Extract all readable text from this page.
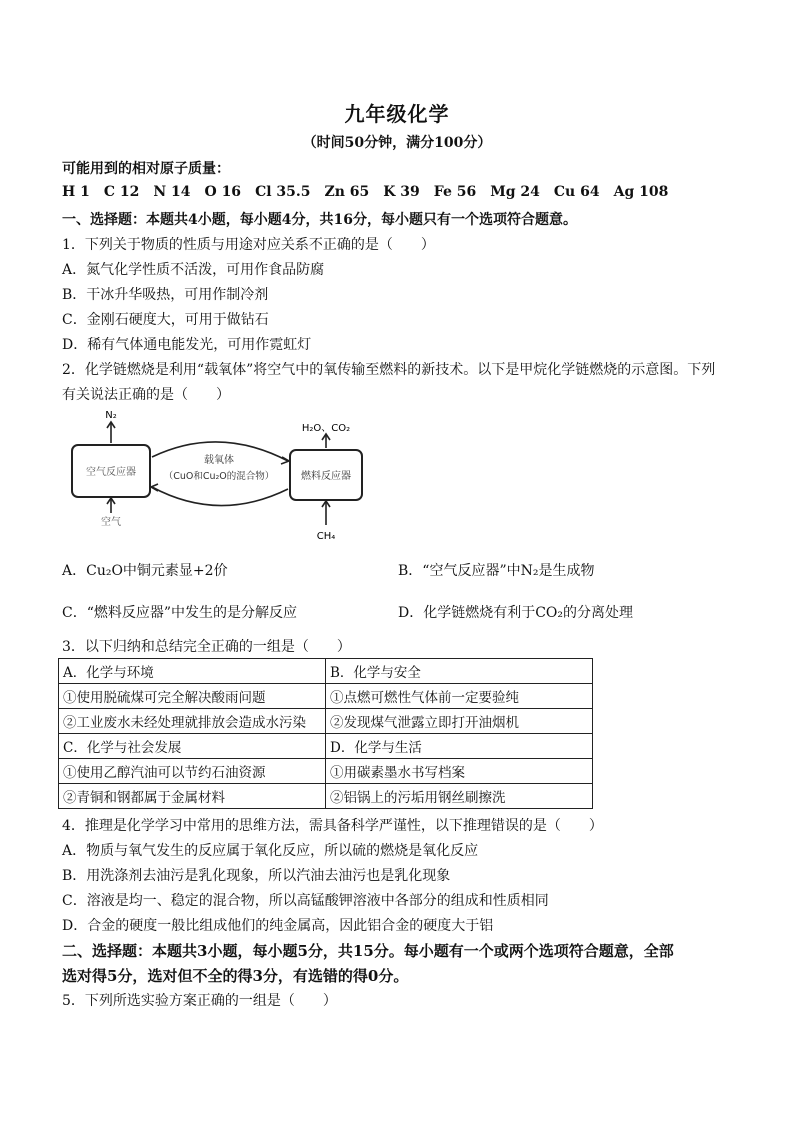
九年级化学
（时间50分钟，满分100分）
可能用到的相对原子质量：
H 1 C 12 N 14 O 16 Cl 35.5 Zn 65 K 39 Fe 56 Mg 24 Cu 64 Ag 108
一、选择题：本题共4小题，每小题4分，共16分，每小题只有一个选项符合题意。
1．下列关于物质的性质与用途对应关系不正确的是（　　）
A．氮气化学性质不活泼，可用作食品防腐
B．干冰升华吸热，可用作制冷剂
C．金刚石硬度大，可用于做钻石
D．稀有气体通电能发光，可用作霓虹灯
2．化学链燃烧是利用“载氧体”将空气中的氧传输至燃料的新技术。以下是甲烷化学链燃烧的示意图。下列
有关说法正确的是（　　）
空气反应器	燃料反应器
载氧体
（CuO和Cu₂O的混合物）
N₂
H₂O、CO₂
空气
CH₄
A．Cu₂O中铜元素显+2价	B．“空气反应器”中N₂是生成物
C．“燃料反应器”中发生的是分解反应	D．化学链燃烧有利于CO₂的分离处理
3．以下归纳和总结完全正确的一组是（　　）
A．化学与环境	B．化学与安全
①使用脱硫煤可完全解决酸雨问题	①点燃可燃性气体前一定要验纯
②工业废水未经处理就排放会造成水污染	②发现煤气泄露立即打开油烟机
C．化学与社会发展	D．化学与生活
①使用乙醇汽油可以节约石油资源	①用碳素墨水书写档案
②青铜和钢都属于金属材料	②铝锅上的污垢用钢丝刷擦洗
4．推理是化学学习中常用的思维方法，需具备科学严谨性，以下推理错误的是（　　）
A．物质与氧气发生的反应属于氧化反应，所以硫的燃烧是氧化反应
B．用洗涤剂去油污是乳化现象，所以汽油去油污也是乳化现象
C．溶液是均一、稳定的混合物，所以高锰酸钾溶液中各部分的组成和性质相同
D．合金的硬度一般比组成他们的纯金属高，因此铝合金的硬度大于铝
二、选择题：本题共3小题，每小题5分，共15分。每小题有一个或两个选项符合题意，全部
选对得5分，选对但不全的得3分，有选错的得0分。
5．下列所选实验方案正确的一组是（　　）
